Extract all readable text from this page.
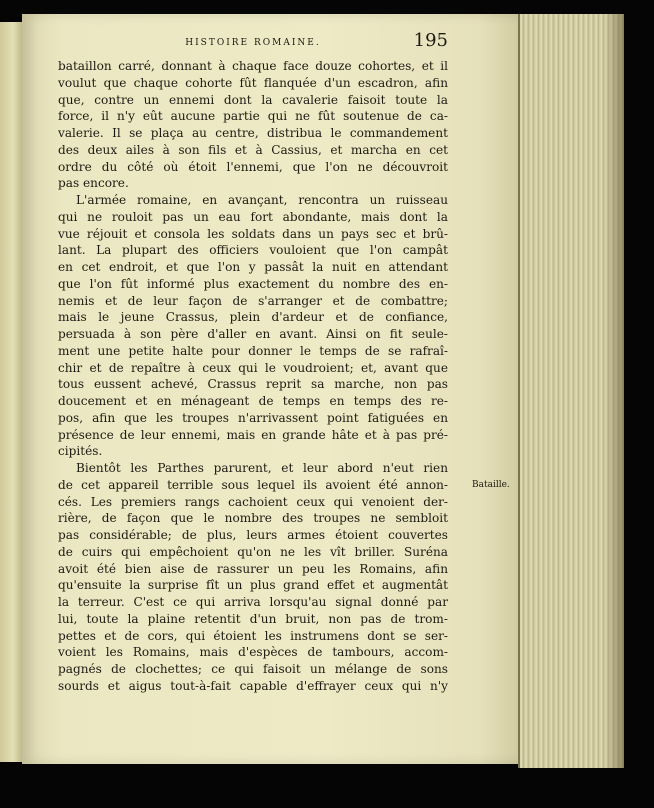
HISTOIRE ROMAINE.	195
bataillon carré, donnant à chaque face douze cohortes, et il
voulut que chaque cohorte fût flanquée d'un escadron, afin
que, contre un ennemi dont la cavalerie faisoit toute la
force, il n'y eût aucune partie qui ne fût soutenue de ca-
valerie. Il se plaça au centre, distribua le commandement
des deux ailes à son fils et à Cassius, et marcha en cet
ordre du côté où étoit l'ennemi, que l'on ne découvroit
pas encore.
L'armée romaine, en avançant, rencontra un ruisseau
qui ne rouloit pas un eau fort abondante, mais dont la
vue réjouit et consola les soldats dans un pays sec et brû-
lant. La plupart des officiers vouloient que l'on campât
en cet endroit, et que l'on y passât la nuit en attendant
que l'on fût informé plus exactement du nombre des en-
nemis et de leur façon de s'arranger et de combattre;
mais le jeune Crassus, plein d'ardeur et de confiance,
persuada à son père d'aller en avant. Ainsi on fit seule-
ment une petite halte pour donner le temps de se rafraî-
chir et de repaître à ceux qui le voudroient; et, avant que
tous eussent achevé, Crassus reprit sa marche, non pas
doucement et en ménageant de temps en temps des re-
pos, afin que les troupes n'arrivassent point fatiguées en
présence de leur ennemi, mais en grande hâte et à pas pré-
cipités.
Bientôt les Parthes parurent, et leur abord n'eut rien
de cet appareil terrible sous lequel ils avoient été annon-
cés. Les premiers rangs cachoient ceux qui venoient der-
rière, de façon que le nombre des troupes ne sembloit
pas considérable; de plus, leurs armes étoient couvertes
de cuirs qui empêchoient qu'on ne les vît briller. Suréna
avoit été bien aise de rassurer un peu les Romains, afin
qu'ensuite la surprise fît un plus grand effet et augmentât
la terreur. C'est ce qui arriva lorsqu'au signal donné par
lui, toute la plaine retentit d'un bruit, non pas de trom-
pettes et de cors, qui étoient les instrumens dont se ser-
voient les Romains, mais d'espèces de tambours, accom-
pagnés de clochettes; ce qui faisoit un mélange de sons
sourds et aigus tout-à-fait capable d'effrayer ceux qui n'y
Bataille.
